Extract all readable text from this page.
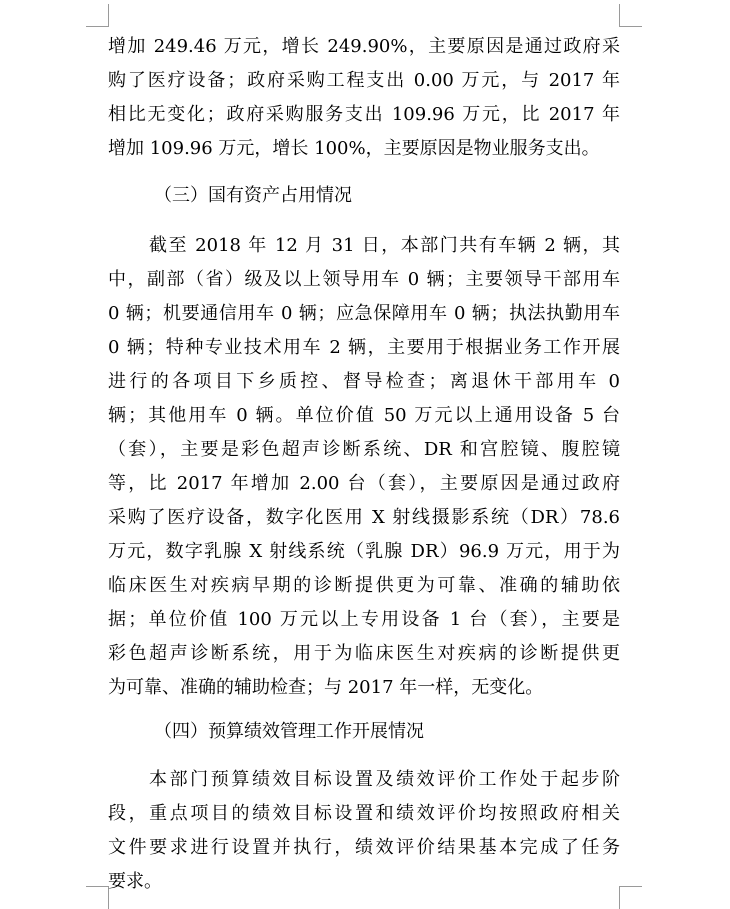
增加 249.46 万元，增长 249.90%，主要原因是通过政府采
购了医疗设备；政府采购工程支出 0.00 万元，与 2017 年
相比无变化；政府采购服务支出 109.96 万元，比 2017 年
增加 109.96 万元，增长 100%，主要原因是物业服务支出。
（三）国有资产占用情况
截至 2018 年 12 月 31 日，本部门共有车辆 2 辆，其
中，副部（省）级及以上领导用车 0 辆；主要领导干部用车
0 辆；机要通信用车 0 辆；应急保障用车 0 辆；执法执勤用车
0 辆；特种专业技术用车 2 辆，主要用于根据业务工作开展
进行的各项目下乡质控、督导检查；离退休干部用车 0
辆；其他用车 0 辆。单位价值 50 万元以上通用设备 5 台
（套），主要是彩色超声诊断系统、DR 和宫腔镜、腹腔镜
等，比 2017 年增加 2.00 台（套），主要原因是通过政府
采购了医疗设备，数字化医用 X 射线摄影系统（DR）78.6
万元，数字乳腺 X 射线系统（乳腺 DR）96.9 万元，用于为
临床医生对疾病早期的诊断提供更为可靠、准确的辅助依
据；单位价值 100 万元以上专用设备 1 台（套），主要是
彩色超声诊断系统，用于为临床医生对疾病的诊断提供更
为可靠、准确的辅助检查；与 2017 年一样，无变化。
（四）预算绩效管理工作开展情况
本部门预算绩效目标设置及绩效评价工作处于起步阶
段，重点项目的绩效目标设置和绩效评价均按照政府相关
文件要求进行设置并执行，绩效评价结果基本完成了任务
要求。
